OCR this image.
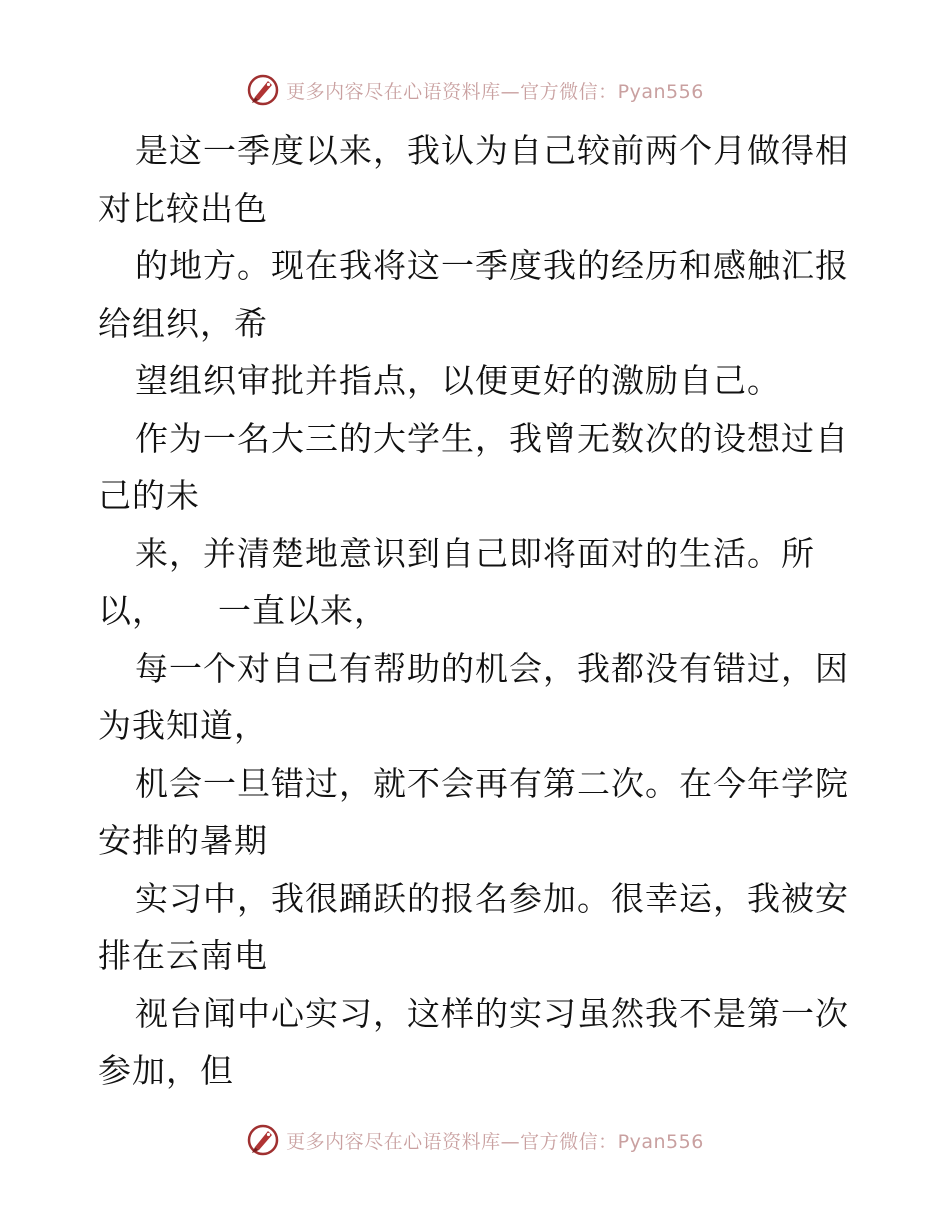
更多内容尽在心语资料库—官方微信：Pyan556
是这一季度以来，我认为自己较前两个月做得相
对比较出色
的地方。现在我将这一季度我的经历和感触汇报
给组织，希
望组织审批并指点，以便更好的激励自己。
作为一名大三的大学生，我曾无数次的设想过自
己的未
来，并清楚地意识到自己即将面对的生活。所
以， 一直以来，
每一个对自己有帮助的机会，我都没有错过，因
为我知道，
机会一旦错过，就不会再有第二次。在今年学院
安排的暑期
实习中，我很踊跃的报名参加。很幸运，我被安
排在云南电
视台闻中心实习，这样的实习虽然我不是第一次
参加，但
更多内容尽在心语资料库—官方微信：Pyan556
